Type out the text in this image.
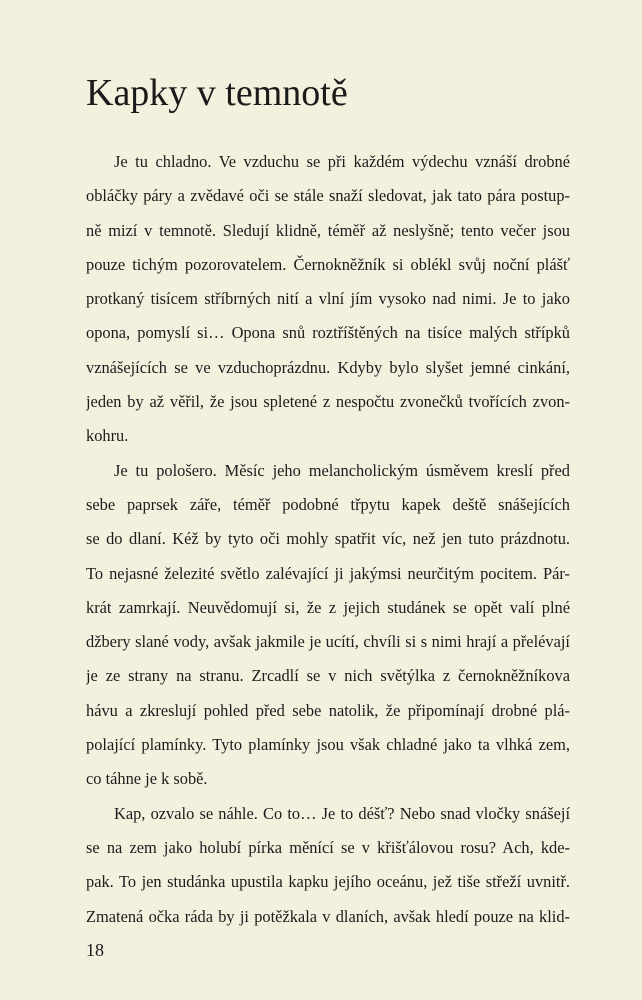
Kapky v temnotě

Je tu chladno. Ve vzduchu se při každém výdechu vznáší drobné
obláčky páry a zvědavé oči se stále snaží sledovat, jak tato pára postup-
ně mizí v temnotě. Sledují klidně, téměř až neslyšně; tento večer jsou
pouze tichým pozorovatelem. Černokněžník si oblékl svůj noční plášť
protkaný tisícem stříbrných nití a vlní jím vysoko nad nimi. Je to jako
opona, pomyslí si… Opona snů roztříštěných na tisíce malých střípků
vznášejících se ve vzduchoprázdnu. Kdyby bylo slyšet jemné cinkání,
jeden by až věřil, že jsou spletené z nespočtu zvonečků tvořících zvon-
kohru.

Je tu pološero. Měsíc jeho melancholickým úsměvem kreslí před
sebe paprsek záře, téměř podobné třpytu kapek deště snášejících
se do dlaní. Kéž by tyto oči mohly spatřit víc, než jen tuto prázdnotu.
To nejasné železité světlo zalévající ji jakýmsi neurčitým pocitem. Pár-
krát zamrkají. Neuvědomují si, že z jejich studánek se opět valí plné
džbery slané vody, avšak jakmile je ucítí, chvíli si s nimi hrají a přelévají
je ze strany na stranu. Zrcadlí se v nich světýlka z černokněžníkova
hávu a zkreslují pohled před sebe natolik, že připomínají drobné plá-
polající plamínky. Tyto plamínky jsou však chladné jako ta vlhká zem,
co táhne je k sobě.

Kap, ozvalo se náhle. Co to… Je to déšť? Nebo snad vločky snášejí
se na zem jako holubí pírka měnící se v křišťálovou rosu? Ach, kde-
pak. To jen studánka upustila kapku jejího oceánu, jež tiše střeží uvnitř.
Zmatená očka ráda by ji potěžkala v dlaních, avšak hledí pouze na klid-

18
